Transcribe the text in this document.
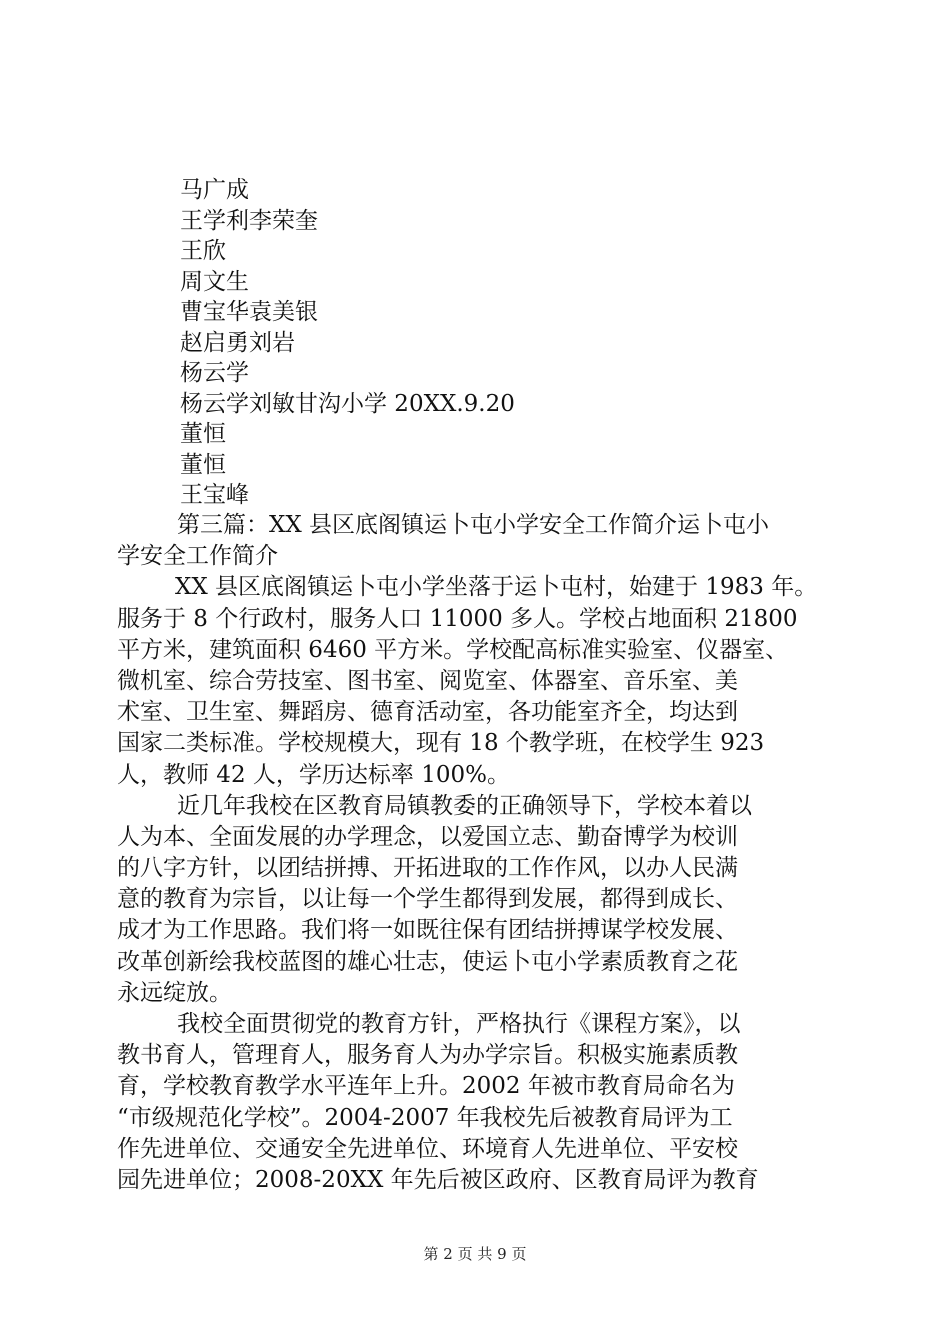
马广成
王学利李荣奎
王欣
周文生
曹宝华袁美银
赵启勇刘岩
杨云学
杨云学刘敏甘沟小学 20XX.9.20
董恒
董恒
王宝峰
第三篇：XX 县区底阁镇运卜屯小学安全工作简介运卜屯小
学安全工作简介
XX 县区底阁镇运卜屯小学坐落于运卜屯村，始建于 1983 年。
服务于 8 个行政村，服务人口 11000 多人。学校占地面积 21800
平方米，建筑面积 6460 平方米。学校配高标准实验室、仪器室、
微机室、综合劳技室、图书室、阅览室、体器室、音乐室、美
术室、卫生室、舞蹈房、德育活动室，各功能室齐全，均达到
国家二类标准。学校规模大，现有 18 个教学班，在校学生 923
人，教师 42 人，学历达标率 100%。
近几年我校在区教育局镇教委的正确领导下，学校本着以
人为本、全面发展的办学理念，以爱国立志、勤奋博学为校训
的八字方针，以团结拼搏、开拓进取的工作作风，以办人民满
意的教育为宗旨，以让每一个学生都得到发展，都得到成长、
成才为工作思路。我们将一如既往保有团结拼搏谋学校发展、
改革创新绘我校蓝图的雄心壮志，使运卜屯小学素质教育之花
永远绽放。
我校全面贯彻党的教育方针，严格执行《课程方案》，以
教书育人，管理育人，服务育人为办学宗旨。积极实施素质教
育，学校教育教学水平连年上升。2002 年被市教育局命名为
“市级规范化学校”。2004-2007 年我校先后被教育局评为工
作先进单位、交通安全先进单位、环境育人先进单位、平安校
园先进单位；2008-20XX 年先后被区政府、区教育局评为教育
第 2 页 共 9 页
